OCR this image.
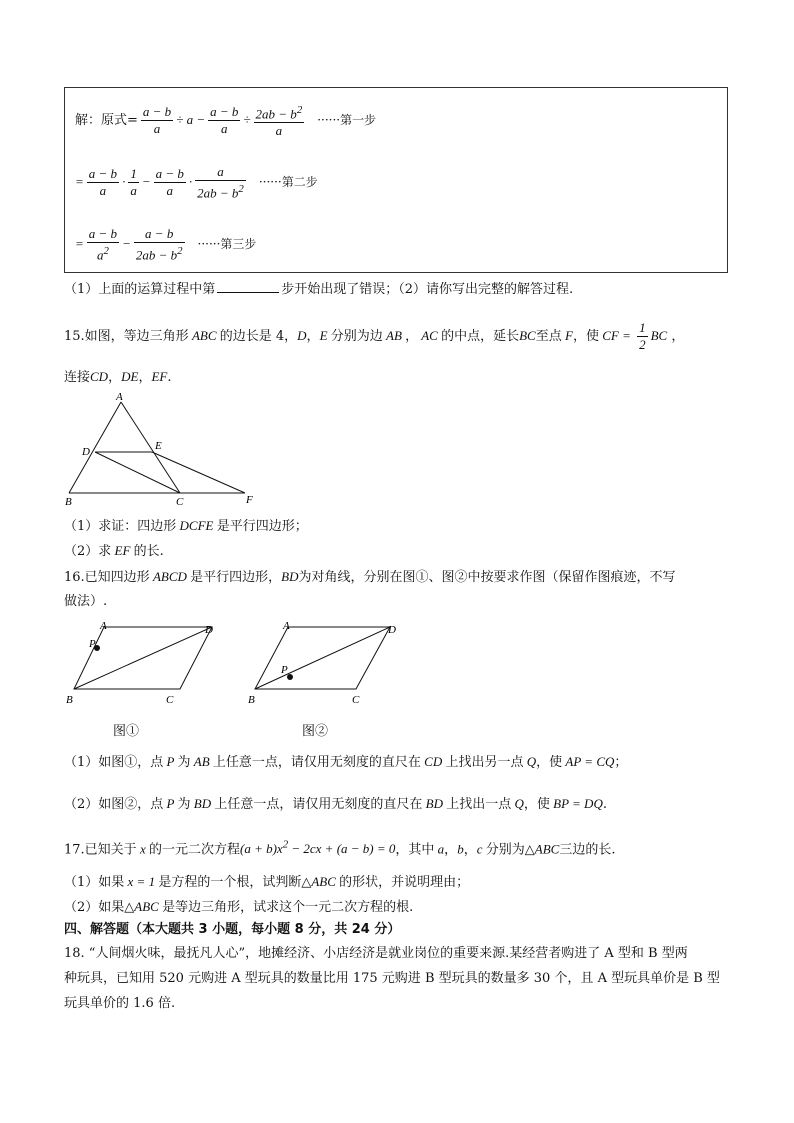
解：原式= $\frac{a - b}{a} \div a - \frac{a - b}{a} \div \frac{2ab - b^2}{a}$ ······第一步
= $\frac{a - b}{a} \cdot \frac{1}{a} - \frac{a - b}{a} \cdot \frac{a}{2ab - b^2}$ ······第二步
= $\frac{a - b}{a^2} - \frac{a - b}{2ab - b^2}$ ······第三步
（1）上面的运算过程中第	步开始出现了错误；（2）请你写出完整的解答过程.
15.如图，等边三角形 ABC 的边长是 4，D，E 分别为边 AB ， AC 的中点，延长BC至点 F，使 CF = $\frac{1}{2}$ BC ，
连接CD，DE，EF.
A
B	C
D	E
F
（1）求证：四边形 DCFE 是平行四边形；
（2）求 EF 的长.
16.已知四边形 ABCD 是平行四边形，BD为对角线，分别在图①、图②中按要求作图（保留作图痕迹，不写
做法）.
A	D
B	C
P
A	D
B	C
P
图①	图②
（1）如图①，点 P 为 AB 上任意一点，请仅用无刻度的直尺在 CD 上找出另一点 Q，使 AP = CQ；
（2）如图②，点 P 为 BD 上任意一点，请仅用无刻度的直尺在 BD 上找出一点 Q，使 BP = DQ.
17.已知关于 x 的一元二次方程$(a + b)x^2 - 2cx + (a - b) = 0$，其中 a，b，c 分别为△ABC三边的长.
（1）如果 x = 1 是方程的一个根，试判断△ABC 的形状，并说明理由；
（2）如果△ABC 是等边三角形，试求这个一元二次方程的根.
四、解答题（本大题共 3 小题，每小题 8 分，共 24 分）
18. “人间烟火味，最抚凡人心”，地摊经济、小店经济是就业岗位的重要来源.某经营者购进了 A 型和 B 型两
种玩具，已知用 520 元购进 A 型玩具的数量比用 175 元购进 B 型玩具的数量多 30 个，且 A 型玩具单价是 B 型
玩具单价的 1.6 倍.
